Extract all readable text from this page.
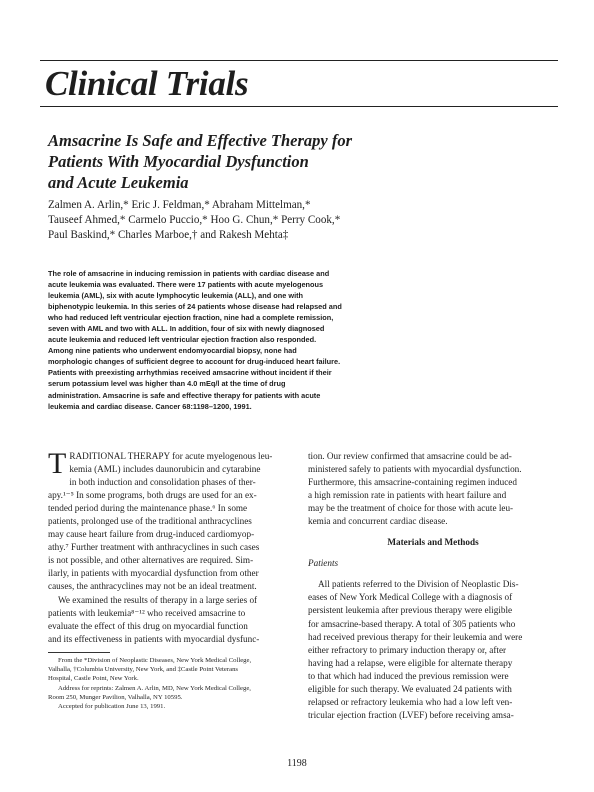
Clinical Trials
Amsacrine Is Safe and Effective Therapy for
Patients With Myocardial Dysfunction
and Acute Leukemia
Zalmen A. Arlin,* Eric J. Feldman,* Abraham Mittelman,*
Tauseef Ahmed,* Carmelo Puccio,* Hoo G. Chun,* Perry Cook,*
Paul Baskind,* Charles Marboe,† and Rakesh Mehta‡
The role of amsacrine in inducing remission in patients with cardiac disease and
acute leukemia was evaluated. There were 17 patients with acute myelogenous
leukemia (AML), six with acute lymphocytic leukemia (ALL), and one with
biphenotypic leukemia. In this series of 24 patients whose disease had relapsed and
who had reduced left ventricular ejection fraction, nine had a complete remission,
seven with AML and two with ALL. In addition, four of six with newly diagnosed
acute leukemia and reduced left ventricular ejection fraction also responded.
Among nine patients who underwent endomyocardial biopsy, none had
morphologic changes of sufficient degree to account for drug-induced heart failure.
Patients with preexisting arrhythmias received amsacrine without incident if their
serum potassium level was higher than 4.0 mEq/l at the time of drug
administration. Amsacrine is safe and effective therapy for patients with acute
leukemia and cardiac disease. Cancer 68:1198–1200, 1991.
T RADITIONAL THERAPY for acute myelogenous leu-
kemia (AML) includes daunorubicin and cytarabine
in both induction and consolidation phases of ther-
apy.¹⁻⁵ In some programs, both drugs are used for an ex-
tended period during the maintenance phase.⁶ In some
patients, prolonged use of the traditional anthracyclines
may cause heart failure from drug-induced cardiomyop-
athy.⁷ Further treatment with anthracyclines in such cases
is not possible, and other alternatives are required. Sim-
ilarly, in patients with myocardial dysfunction from other
causes, the anthracyclines may not be an ideal treatment.
We examined the results of therapy in a large series of
patients with leukemia⁸⁻¹² who received amsacrine to
evaluate the effect of this drug on myocardial function
and its effectiveness in patients with myocardial dysfunc-
From the *Division of Neoplastic Diseases, New York Medical College,
Valhalla, †Columbia University, New York, and ‡Castle Point Veterans
Hospital, Castle Point, New York.
Address for reprints: Zalmen A. Arlin, MD, New York Medical College,
Room 250, Munger Pavilion, Valhalla, NY 10595.
Accepted for publication June 13, 1991.
tion. Our review confirmed that amsacrine could be ad-
ministered safely to patients with myocardial dysfunction.
Furthermore, this amsacrine-containing regimen induced
a high remission rate in patients with heart failure and
may be the treatment of choice for those with acute leu-
kemia and concurrent cardiac disease.
Materials and Methods
Patients
All patients referred to the Division of Neoplastic Dis-
eases of New York Medical College with a diagnosis of
persistent leukemia after previous therapy were eligible
for amsacrine-based therapy. A total of 305 patients who
had received previous therapy for their leukemia and were
either refractory to primary induction therapy or, after
having had a relapse, were eligible for alternate therapy
to that which had induced the previous remission were
eligible for such therapy. We evaluated 24 patients with
relapsed or refractory leukemia who had a low left ven-
tricular ejection fraction (LVEF) before receiving amsa-
1198
